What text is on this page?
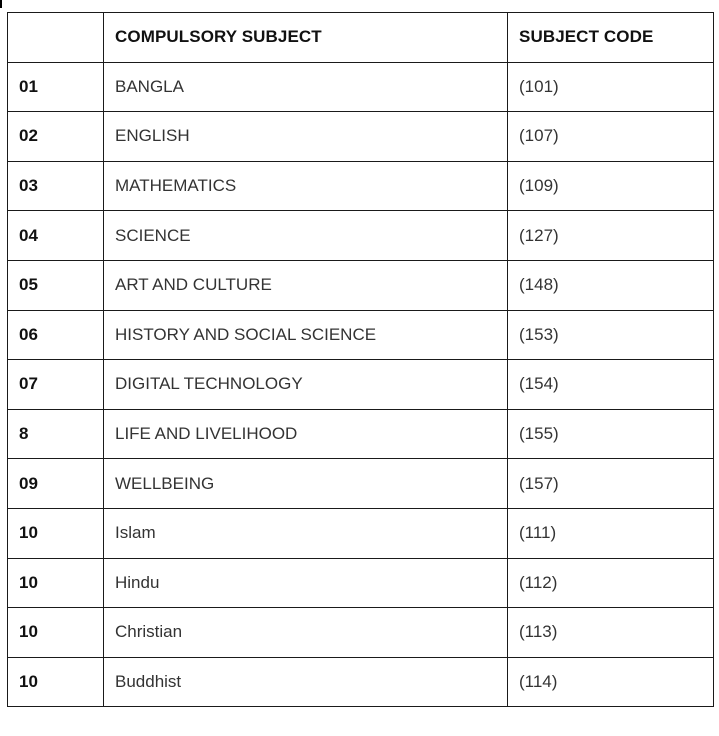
	COMPULSORY SUBJECT	SUBJECT CODE
01	BANGLA	(101)
02	ENGLISH	(107)
03	MATHEMATICS	(109)
04	SCIENCE	(127)
05	ART AND CULTURE	(148)
06	HISTORY AND SOCIAL SCIENCE	(153)
07	DIGITAL TECHNOLOGY	(154)
8	LIFE AND LIVELIHOOD	(155)
09	WELLBEING	(157)
10	Islam	(111)
10	Hindu	(112)
10	Christian	(113)
10	Buddhist	(114)
